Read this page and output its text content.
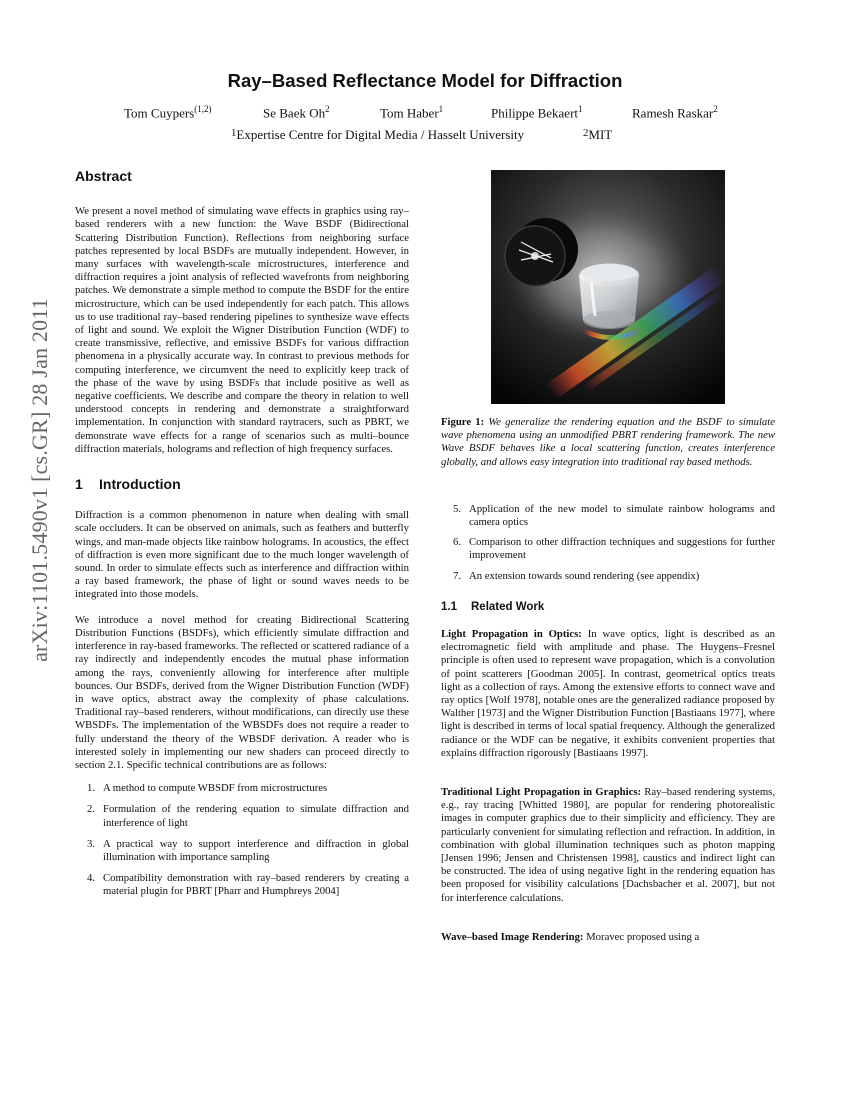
arXiv:1101.5490v1 [cs.GR] 28 Jan 2011
Ray–Based Reflectance Model for Diffraction
Tom Cuypers$^{(1,2)}$	Se Baek Oh$^2$	Tom Haber$^1$	Philippe Bekaert$^1$	Ramesh Raskar$^2$
$^1$ Expertise Centre for Digital Media / Hasselt University	$^2$ MIT
Abstract

We present a novel method of simulating wave effects in graphics using ray–based renderers with a new function: the Wave BSDF (Bidirectional Scattering Distribution Function). Reflections from neighboring surface patches represented by local BSDFs are mutually independent. However, in many surfaces with wavelength-scale microstructures, interference and diffraction requires a joint analysis of reflected wavefronts from neighboring patches. We demonstrate a simple method to compute the BSDF for the entire microstructure, which can be used independently for each patch. This allows us to use traditional ray–based rendering pipelines to synthesize wave effects of light and sound. We exploit the Wigner Distribution Function (WDF) to create transmissive, reflective, and emissive BSDFs for various diffraction phenomena in a physically accurate way. In contrast to previous methods for computing interference, we circumvent the need to explicitly keep track of the phase of the wave by using BSDFs that include positive as well as negative coefficients. We describe and compare the theory in relation to well understood concepts in rendering and demonstrate a straightforward implementation. In conjunction with standard raytracers, such as PBRT, we demonstrate wave effects for a range of scenarios such as multi–bounce diffraction materials, holograms and reflection of high frequency surfaces.

1 Introduction

Diffraction is a common phenomenon in nature when dealing with small scale occluders. It can be observed on animals, such as feathers and butterfly wings, and man-made objects like rainbow holograms. In acoustics, the effect of diffraction is even more significant due to the much longer wavelength of sound. In order to simulate effects such as interference and diffraction within a ray based framework, the phase of light or sound waves needs to be integrated into those models.

We introduce a novel method for creating Bidirectional Scattering Distribution Functions (BSDFs), which efficiently simulate diffraction and interference in ray-based frameworks. The reflected or scattered radiance of a ray indirectly and independently encodes the mutual phase information among the rays, conveniently allowing for interference after multiple bounces. Our BSDFs, derived from the Wigner Distribution Function (WDF) in wave optics, abstract away the complexity of phase calculations. Traditional ray–based renderers, without modifications, can directly use these WBSDFs. The implementation of the WBSDFs does not require a reader to fully understand the theory of the WBSDF derivation. A reader who is interested solely in implementing our new shaders can proceed directly to section 2.1. Specific technical contributions are as follows:

1. A method to compute WBSDF from microstructures
2. Formulation of the rendering equation to simulate diffraction and interference of light
3. A practical way to support interference and diffraction in global illumination with importance sampling
4. Compatibility demonstration with ray–based renderers by creating a material plugin for PBRT [Pharr and Humphreys 2004]

Figure 1: We generalize the rendering equation and the BSDF to simulate wave phenomena using an unmodified PBRT rendering framework. The new Wave BSDF behaves like a local scattering function, creates interference globally, and allows easy integration into traditional ray based methods.

5. Application of the new model to simulate rainbow holograms and camera optics
6. Comparison to other diffraction techniques and suggestions for further improvement
7. An extension towards sound rendering (see appendix)
1.1 Related Work

Light Propagation in Optics: In wave optics, light is described as an electromagnetic field with amplitude and phase. The Huygens–Fresnel principle is often used to represent wave propagation, which is a convolution of point scatterers [Goodman 2005]. In contrast, geometrical optics treats light as a collection of rays. Among the extensive efforts to connect wave and ray optics [Wolf 1978], notable ones are the generalized radiance proposed by Walther [1973] and the Wigner Distribution Function [Bastiaans 1977], where light is described in terms of local spatial frequency. Although the generalized radiance or the WDF can be negative, it exhibits convenient properties that explains diffraction rigorously [Bastiaans 1997].

Traditional Light Propagation in Graphics: Ray–based rendering systems, e.g., ray tracing [Whitted 1980], are popular for rendering photorealistic images in computer graphics due to their simplicity and efficiency. They are particularly convenient for simulating reflection and refraction. In addition, in combination with global illumination techniques such as photon mapping [Jensen 1996; Jensen and Christensen 1998], caustics and indirect light can be constructed. The idea of using negative light in the rendering equation has been proposed for visibility calculations [Dachsbacher et al. 2007], but not for interference calculations.

Wave–based Image Rendering: Moravec proposed using a
